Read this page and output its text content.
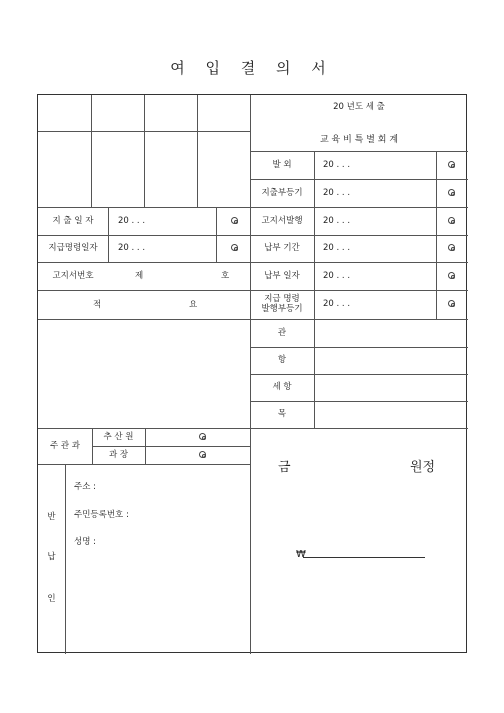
여 입 결 의 서
20 년도 세 출
교 육 비 특 별 회 계
발 외	20 . . .
지출부등기	20 . . .
고지서발행	20 . . .
납부 기간	20 . . .
납부 일자	20 . . .
지급 명령
발행부등기	20 . . .
지 출 일 자	20 . . .
지급명령일자	20 . . .
고지서번호	제	호
적	요
관
항
세 항
목
주 관 과
추 산 원
과 장
금	원정
₩
반
납
인
주소 :
주민등록번호 :
성명 :
